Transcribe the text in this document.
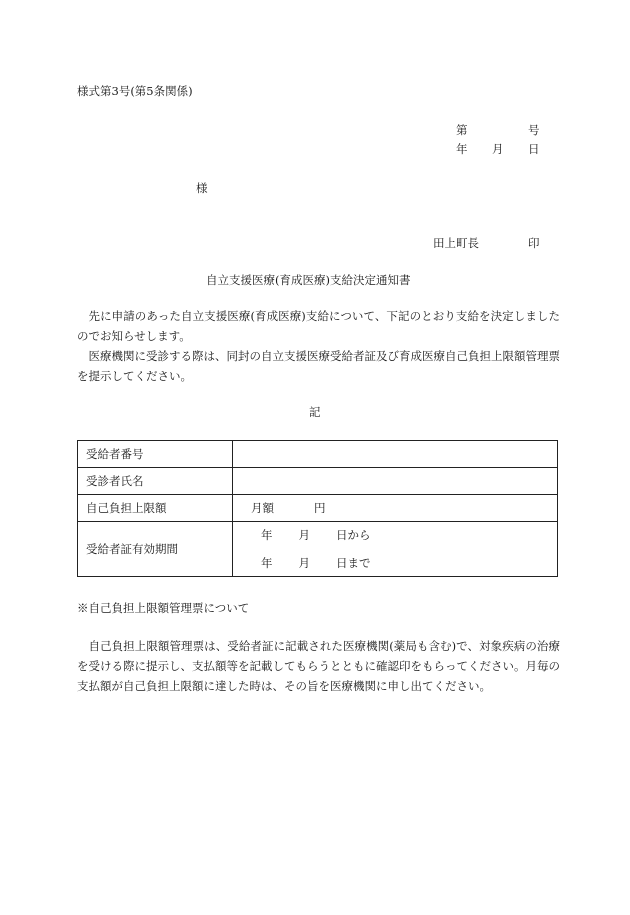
様式第3号(第5条関係)
第	号
年 月 日
様
田上町長	印
自立支援医療(育成医療)支給決定通知書
先に申請のあった自立支援医療(育成医療)支給について、下記のとおり支給を決定しましたのでお知らせします。
医療機関に受診する際は、同封の自立支援医療受給者証及び育成医療自己負担上限額管理票を提示してください。
記
受給者番号	
受診者氏名	
自己負担上限額	月額 円
受給者証有効期間	年 月 日から
年 月 日まで
※自己負担上限額管理票について
自己負担上限額管理票は、受給者証に記載された医療機関(薬局も含む)で、対象疾病の治療を受ける際に提示し、支払額等を記載してもらうとともに確認印をもらってください。月毎の支払額が自己負担上限額に達した時は、その旨を医療機関に申し出てください。
